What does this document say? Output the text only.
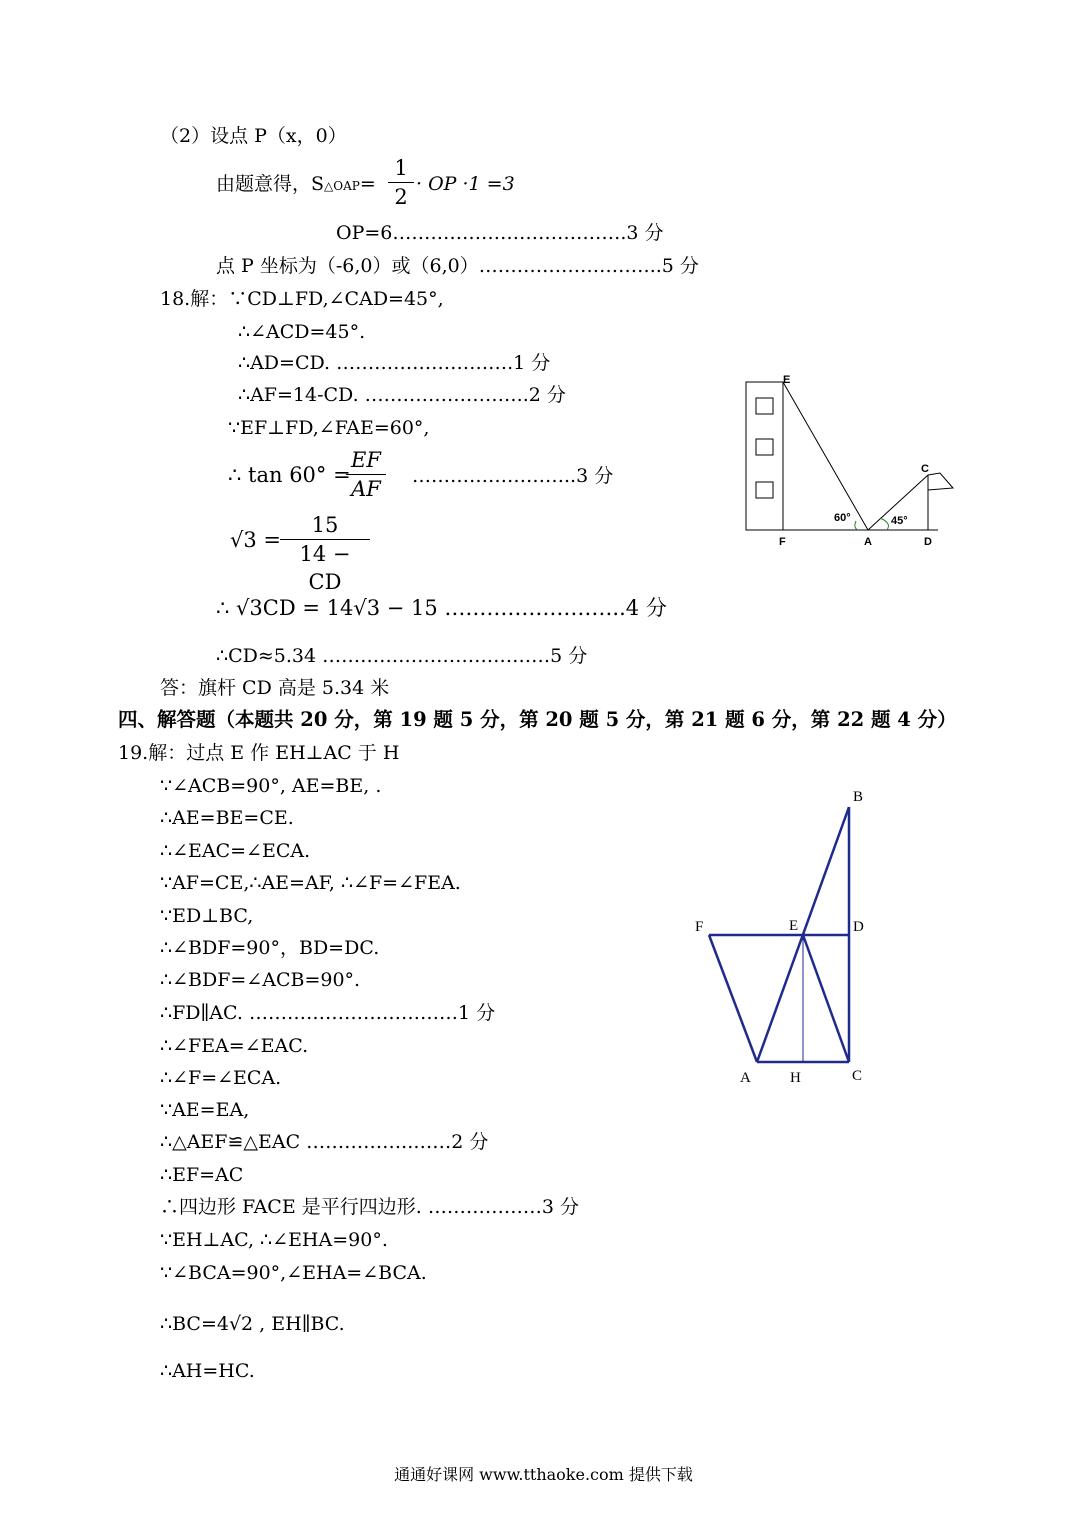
（2）设点 P（x，0）
由题意得，S△OAP=
1
2
· OP ·1 =3
OP=6……………………………….3 分
点 P 坐标为（-6,0）或（6,0）………………………..5 分
18.解：∵CD⊥FD,∠CAD=45°,
∴∠ACD=45°.
∴AD=CD. ……………………….1 分
∴AF=14-CD. ……………………..2 分
∵EF⊥FD,∠FAE=60°,
∴ tan 60° =
EF
AF
……………………..3 分
√3 =
15
14 − CD
∴ √3CD = 14√3 − 15 ……………………..4 分
∴CD≈5.34 ………………………………5 分
答：旗杆 CD 高是 5.34 米
E
C
F	A	D
60°	45°
四、解答题（本题共 20 分，第 19 题 5 分，第 20 题 5 分，第 21 题 6 分，第 22 题 4 分）
19.解：过点 E 作 EH⊥AC 于 H
∵∠ACB=90°, AE=BE, .
∴AE=BE=CE.
∴∠EAC=∠ECA.
∵AF=CE,∴AE=AF, ∴∠F=∠FEA.
∵ED⊥BC,
∴∠BDF=90°，BD=DC.
∴∠BDF=∠ACB=90°.
∴FD∥AC. ……………………………1 分
∴∠FEA=∠EAC.
∴∠F=∠ECA.
∵AE=EA,
∴△AEF≌△EAC ……………..……2 分
∴EF=AC
∴四边形 FACE 是平行四边形. ………………3 分
∵EH⊥AC, ∴∠EHA=90°.
∵∠BCA=90°,∠EHA=∠BCA.
∴BC=4√2 , EH∥BC.
∴AH=HC.
B
F	E	D
A	H	C
通通好课网 www.tthaoke.com 提供下载
